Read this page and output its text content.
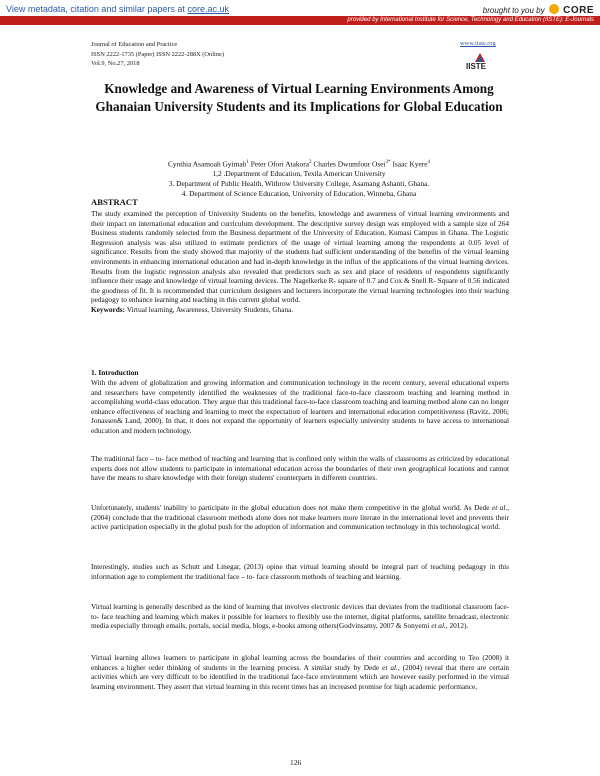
View metadata, citation and similar papers at core.ac.uk	brought to you by CORE
provided by International Institute for Science, Technology and Education (IISTE): E-Journals
Journal of Education and Practice
ISSN 2222-1735 (Paper) ISSN 2222-288X (Online)
Vol.9, No.27, 2018
www.iiste.org
IISTE
Knowledge and Awareness of Virtual Learning Environments Among Ghanaian University Students and its Implications for Global Education
Cynthia Asamoah Gyimah$^1$ Peter Ofori Atakora$^2$ Charles Dwumfour Osei$^{3*}$ Isaac Kyere$^4$
1,2 .Department of Education, Texila American University
3. Department of Public Health, Withrow University College, Asamang Ashanti, Ghana.
4. Department of Science Education, University of Education, Winneba, Ghana
ABSTRACT
The study examined the perception of University Students on the benefits, knowledge and awareness of virtual learning environments and their impact on international education and curriculum development. The descriptive survey design was employed with a sample size of 264 Business students randomly selected from the Business department of the University of Education, Kumasi Campus in Ghana. The Logistic Regression analysis was also utilized to estimate predictors of the usage of virtual learning among the respondents at 0.05 level of significance. Results from the study showed that majority of the students had sufficient understanding of the benefits of the virtual learning environments in enhancing international education and had in-depth knowledge in the influx of the applications of the virtual learning devices. Results from the logistic regression analysis also revealed that predictors such as sex and place of residents of respondents significantly influence their usage and knowledge of virtual learning devices. The Nagelkerke R- square of 0.7 and Cox & Snell R- Square of 0.56 indicated the goodness of fit. It is recommended that curriculum designers and lecturers incorporate the virtual learning technologies into their teaching pedagogy to enhance learning and teaching in this current global world.
Keywords: Virtual learning, Awareness, University Students, Ghana.
1. Introduction
With the advent of globalization and growing information and communication technology in the recent century, several educational experts and researchers have competently identified the weaknesses of the traditional face-to-face classroom teaching and learning method in accomplishing world-class education. They argue that this traditional face-to-face classroom teaching and learning method alone can no longer enhance effectiveness of teaching and learning to meet the expectation of learners and international education competitiveness (Ravitz, 2006; Jonassen& Land, 2000). In that, it does not expand the opportunity of learners especially university students to have access to international education and modern technology.
The traditional face – to- face method of teaching and learning that is confined only within the walls of classrooms as criticized by educational experts does not allow students to participate in international education across the boundaries of their own geographical locations and cannot have the means to share knowledge with their foreign students' counterparts in different countries.
Unfortunately, students' inability to participate in the global education does not make them competitive in the global world. As Dede et al., (2004) conclude that the traditional classroom methods alone does not make learners more literate in the international level and prevents their active participation especially in the global push for the adoption of information and communication technology in this technological world.
Interestingly, studies such as Schutt and Linegar, (2013) opine that virtual learning should be integral part of teaching pedagogy in this information age to complement the traditional face – to- face classroom methods of teaching and learning.
Virtual learning is generally described as the kind of learning that involves electronic devices that deviates from the traditional classroom face- to- face teaching and learning which makes it possible for learners to flexibly use the internet, digital platforms, satellite broadcast, electronic media especially through emails, portals, social media, blogs, e-books among others(Godvinsamy, 2007 & Sonyemi et al., 2012).
Virtual learning allows learners to participate in global learning across the boundaries of their countries and according to Teo (2008) it enhances a higher order thinking of students in the learning process. A similar study by Dede et al., (2004) reveal that there are certain activities which are very difficult to be identified in the traditional face-face environment which are however easily performed in the virtual learning environment. They assert that virtual learning in this recent times has an increased promise for high academic performance,
126
